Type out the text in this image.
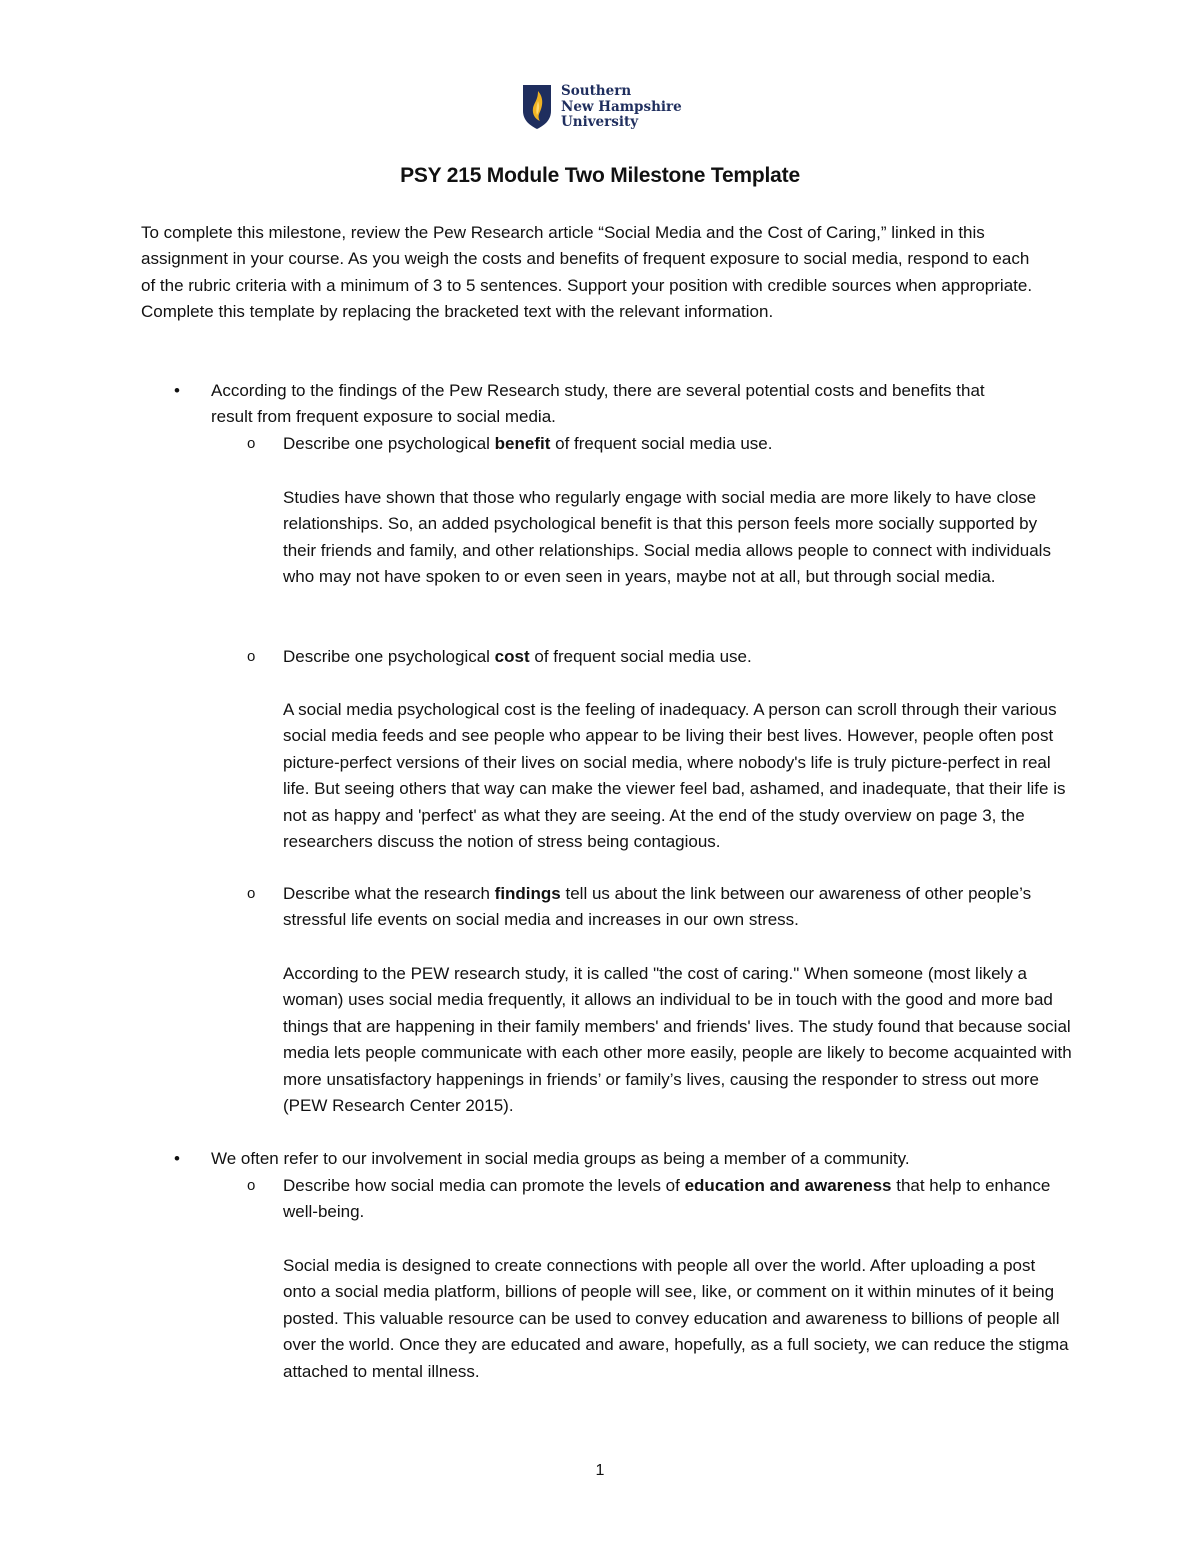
Southern
New Hampshire
University
PSY 215 Module Two Milestone Template

To complete this milestone, review the Pew Research article “Social Media and the Cost of Caring,” linked in this assignment in your course. As you weigh the costs and benefits of frequent exposure to social media, respond to each of the rubric criteria with a minimum of 3 to 5 sentences. Support your position with credible sources when appropriate. Complete this template by replacing the bracketed text with the relevant information.

• According to the findings of the Pew Research study, there are several potential costs and benefits that result from frequent exposure to social media.
o Describe one psychological benefit of frequent social media use.

Studies have shown that those who regularly engage with social media are more likely to have close relationships. So, an added psychological benefit is that this person feels more socially supported by their friends and family, and other relationships. Social media allows people to connect with individuals who may not have spoken to or even seen in years, maybe not at all, but through social media.

o Describe one psychological cost of frequent social media use.

A social media psychological cost is the feeling of inadequacy. A person can scroll through their various social media feeds and see people who appear to be living their best lives. However, people often post picture-perfect versions of their lives on social media, where nobody's life is truly picture-perfect in real life. But seeing others that way can make the viewer feel bad, ashamed, and inadequate, that their life is not as happy and 'perfect' as what they are seeing. At the end of the study overview on page 3, the researchers discuss the notion of stress being contagious.

o Describe what the research findings tell us about the link between our awareness of other people’s stressful life events on social media and increases in our own stress.

According to the PEW research study, it is called "the cost of caring." When someone (most likely a woman) uses social media frequently, it allows an individual to be in touch with the good and more bad things that are happening in their family members' and friends' lives. The study found that because social media lets people communicate with each other more easily, people are likely to become acquainted with more unsatisfactory happenings in friends’ or family’s lives, causing the responder to stress out more (PEW Research Center 2015).

• We often refer to our involvement in social media groups as being a member of a community.
o Describe how social media can promote the levels of education and awareness that help to enhance well-being.

Social media is designed to create connections with people all over the world. After uploading a post onto a social media platform, billions of people will see, like, or comment on it within minutes of it being posted. This valuable resource can be used to convey education and awareness to billions of people all over the world. Once they are educated and aware, hopefully, as a full society, we can reduce the stigma attached to mental illness.

1
